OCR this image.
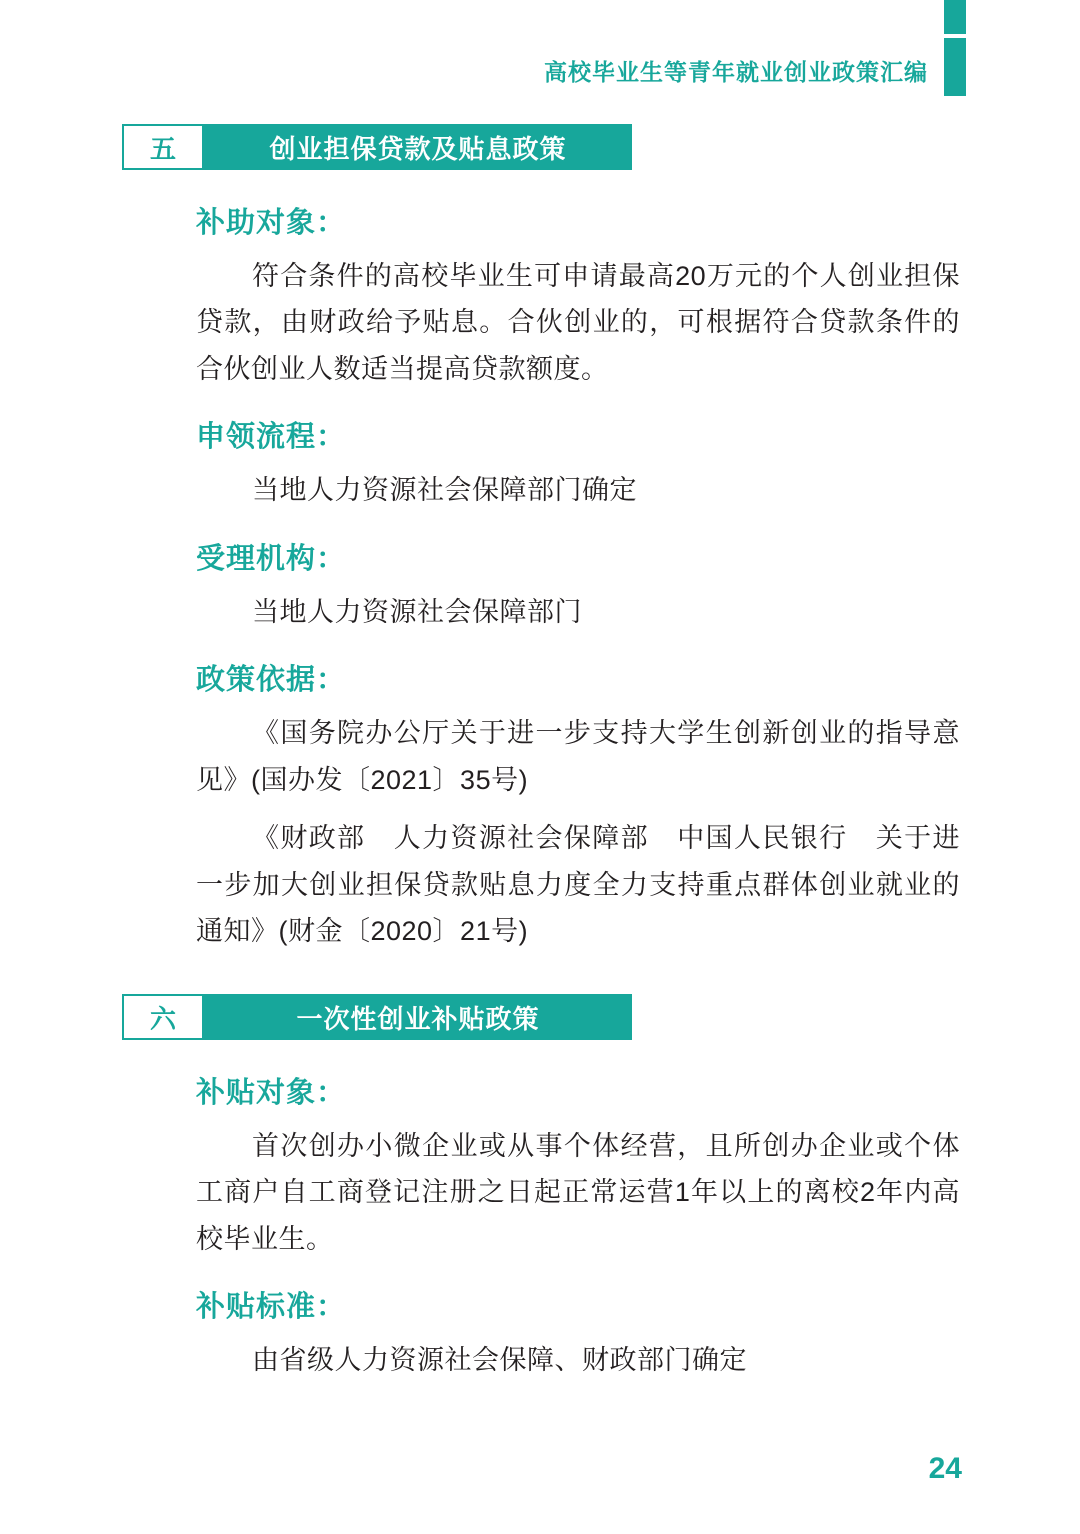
高校毕业生等青年就业创业政策汇编
五	创业担保贷款及贴息政策

补助对象：

符合条件的高校毕业生可申请最高20万元的个人创业担保贷款，由财政给予贴息。合伙创业的，可根据符合贷款条件的合伙创业人数适当提高贷款额度。

申领流程：

当地人力资源社会保障部门确定

受理机构：

当地人力资源社会保障部门

政策依据：

《国务院办公厅关于进一步支持大学生创新创业的指导意见》(国办发〔2021〕35号)

《财政部　人力资源社会保障部　中国人民银行　关于进一步加大创业担保贷款贴息力度全力支持重点群体创业就业的通知》(财金〔2020〕21号)

六	一次性创业补贴政策

补贴对象：

首次创办小微企业或从事个体经营，且所创办企业或个体工商户自工商登记注册之日起正常运营1年以上的离校2年内高校毕业生。

补贴标准：

由省级人力资源社会保障、财政部门确定

24
